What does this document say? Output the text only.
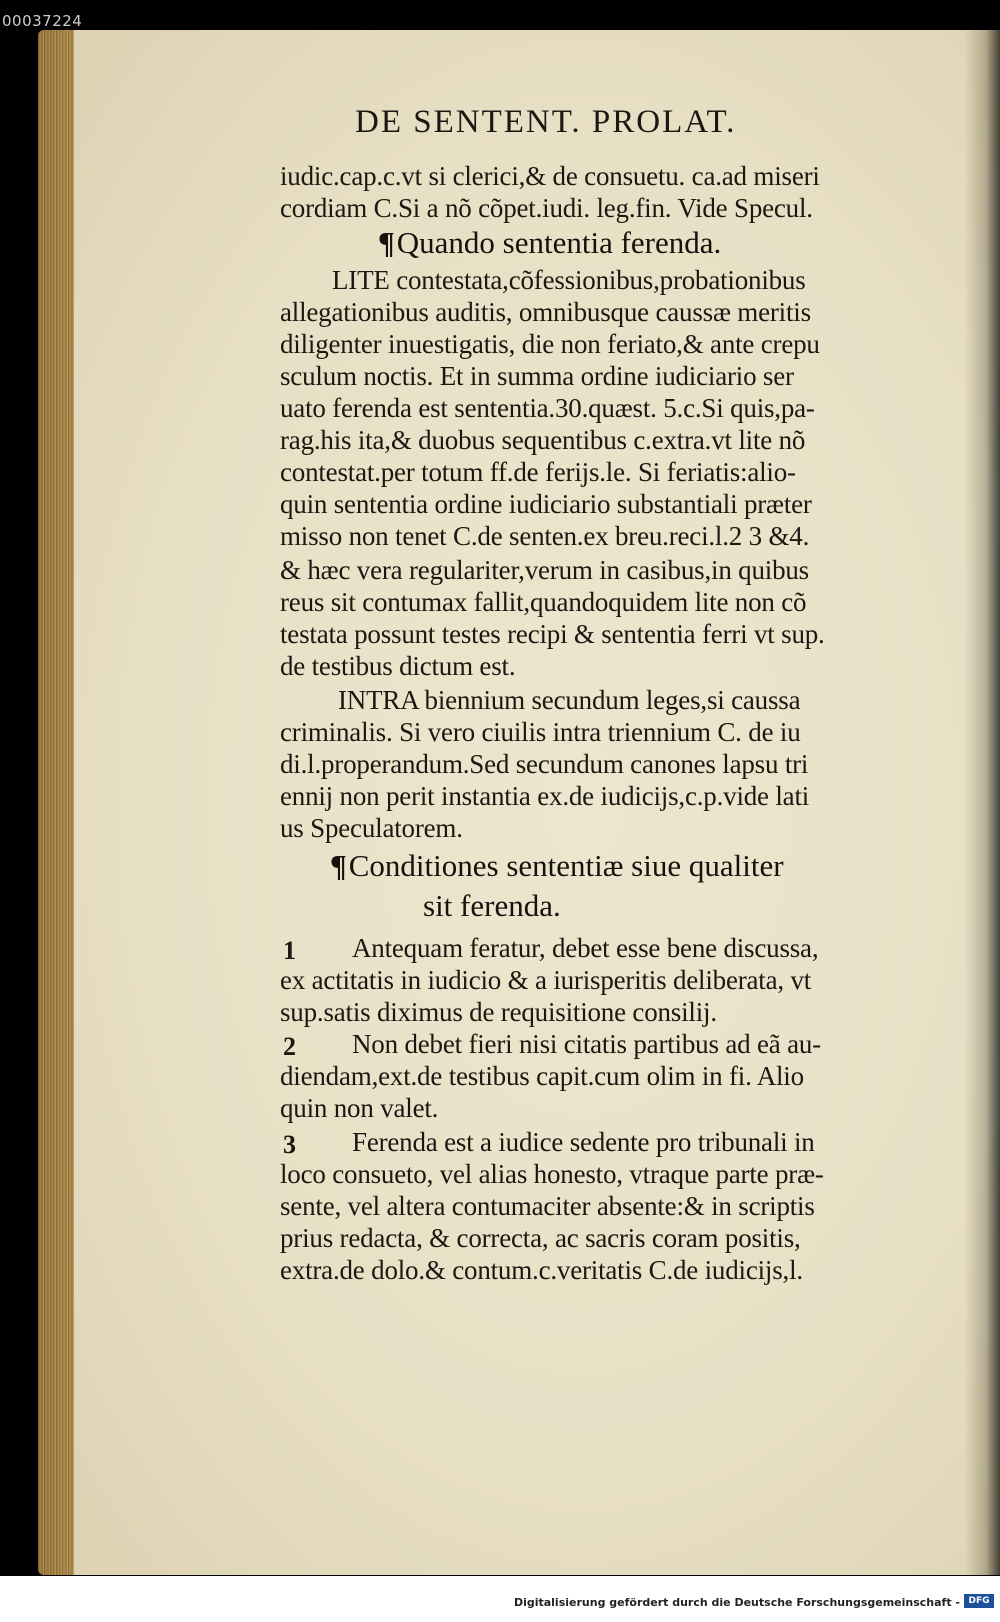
00037224
DE SENTENT. PROLAT.
iudic.cap.c.vt si clerici,& de consuetu. ca.ad miseri
cordiam C.Si a nõ cõpet.iudi. leg.fin. Vide Specul.
¶Quando sententia ferenda.
LITE contestata,cõfessionibus,probationibus
allegationibus auditis, omnibusque caussæ meritis
diligenter inuestigatis, die non feriato,& ante crepu
sculum noctis. Et in summa ordine iudiciario ser
uato ferenda est sententia.30.quæst. 5.c.Si quis,pa-
rag.his ita,& duobus sequentibus c.extra.vt lite nõ
contestat.per totum ff.de ferijs.le. Si feriatis:alio-
quin sententia ordine iudiciario substantiali præter
misso non tenet C.de senten.ex breu.reci.l.2 3 &4.
& hæc vera regulariter,verum in casibus,in quibus
reus sit contumax fallit,quandoquidem lite non cõ
testata possunt testes recipi & sententia ferri vt sup.
de testibus dictum est.
INTRA biennium secundum leges,si caussa
criminalis. Si vero ciuilis intra triennium C. de iu
di.l.properandum.Sed secundum canones lapsu tri
ennij non perit instantia ex.de iudicijs,c.p.vide lati
us Speculatorem.
¶Conditiones sententiæ siue qualiter
sit ferenda.
1 Antequam feratur, debet esse bene discussa,
ex actitatis in iudicio & a iurisperitis deliberata, vt
sup.satis diximus de requisitione consilij.
2 Non debet fieri nisi citatis partibus ad eã au-
diendam,ext.de testibus capit.cum olim in fi. Alio
quin non valet.
3 Ferenda est a iudice sedente pro tribunali in
loco consueto, vel alias honesto, vtraque parte præ-
sente, vel altera contumaciter absente:& in scriptis
prius redacta, & correcta, ac sacris coram positis,
extra.de dolo.& contum.c.veritatis C.de iudicijs,l.
Digitalisierung gefördert durch die Deutsche Forschungsgemeinschaft - DFG
